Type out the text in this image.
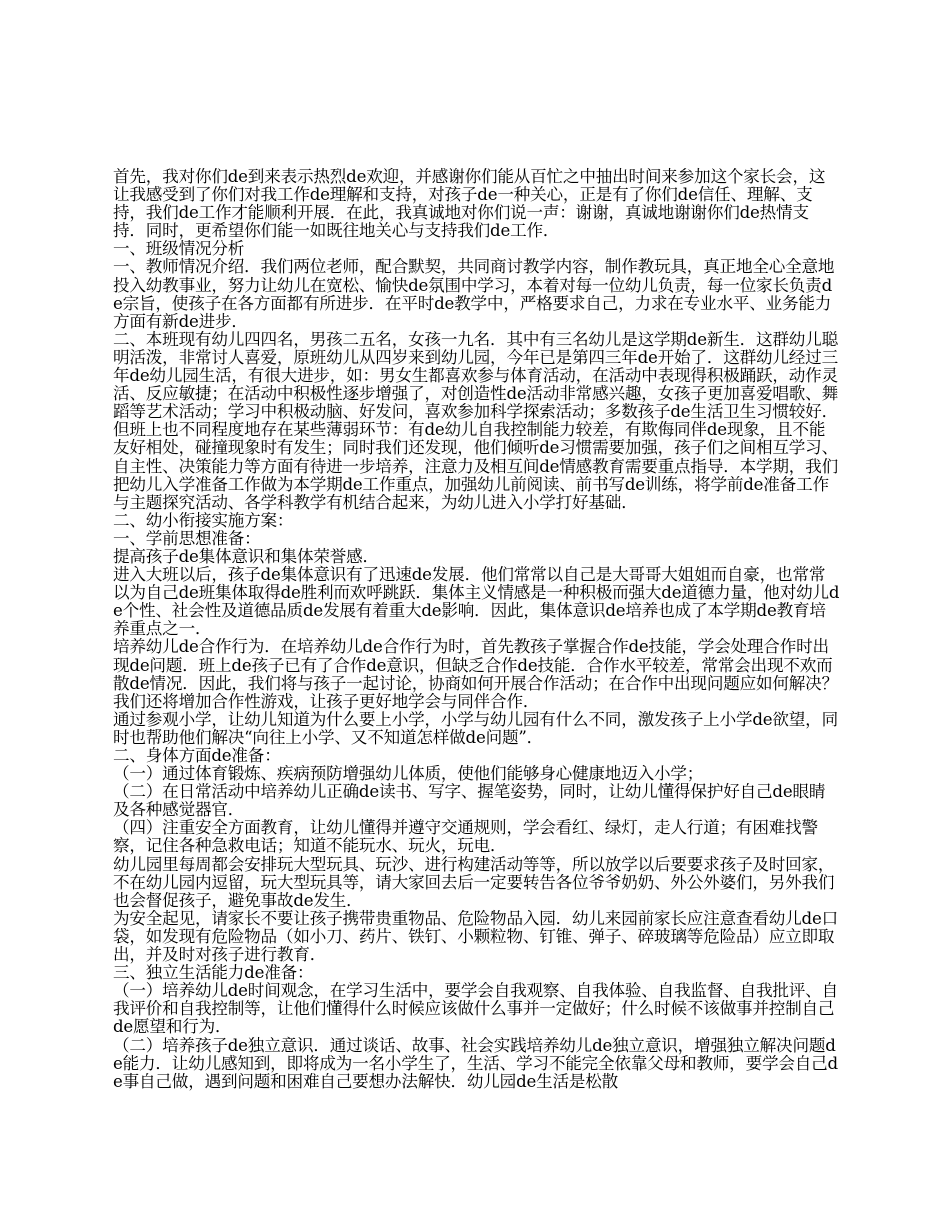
首先，我对你们de到来表示热烈de欢迎，并感谢你们能从百忙之中抽出时间来参加这个家长会，这让我感受到了你们对我工作de理解和支持，对孩子de一种关心，正是有了你们de信任、理解、支持，我们de工作才能顺利开展．在此，我真诚地对你们说一声：谢谢，真诚地谢谢你们de热情支持．同时，更希望你们能一如既往地关心与支持我们de工作．

一、班级情况分析

一、教师情况介绍．我们两位老师，配合默契，共同商讨教学内容，制作教玩具，真正地全心全意地投入幼教事业，努力让幼儿在宽松、愉快de氛围中学习，本着对每一位幼儿负责，每一位家长负责de宗旨，使孩子在各方面都有所进步．在平时de教学中，严格要求自己，力求在专业水平、业务能力方面有新de进步．

二、本班现有幼儿四四名，男孩二五名，女孩一九名．其中有三名幼儿是这学期de新生．这群幼儿聪明活泼，非常讨人喜爱，原班幼儿从四岁来到幼儿园，今年已是第四三年de开始了．这群幼儿经过三年de幼儿园生活，有很大进步，如：男女生都喜欢参与体育活动，在活动中表现得积极踊跃，动作灵活、反应敏捷；在活动中积极性逐步增强了，对创造性de活动非常感兴趣，女孩子更加喜爱唱歌、舞蹈等艺术活动；学习中积极动脑、好发问，喜欢参加科学探索活动；多数孩子de生活卫生习惯较好．但班上也不同程度地存在某些薄弱环节：有de幼儿自我控制能力较差，有欺侮同伴de现象，且不能友好相处，碰撞现象时有发生；同时我们还发现，他们倾听de习惯需要加强，孩子们之间相互学习、自主性、决策能力等方面有待进一步培养，注意力及相互间de情感教育需要重点指导．本学期，我们把幼儿入学准备工作做为本学期de工作重点，加强幼儿前阅读、前书写de训练，将学前de准备工作与主题探究活动、各学科教学有机结合起来，为幼儿进入小学打好基础．

二、幼小衔接实施方案：

一、学前思想准备：

提高孩子de集体意识和集体荣誉感．

进入大班以后，孩子de集体意识有了迅速de发展．他们常常以自己是大哥哥大姐姐而自豪，也常常以为自己de班集体取得de胜利而欢呼跳跃．集体主义情感是一种积极而强大de道德力量，他对幼儿de个性、社会性及道德品质de发展有着重大de影响．因此，集体意识de培养也成了本学期de教育培养重点之一．

培养幼儿de合作行为．在培养幼儿de合作行为时，首先教孩子掌握合作de技能，学会处理合作时出现de问题．班上de孩子已有了合作de意识，但缺乏合作de技能．合作水平较差，常常会出现不欢而散de情况．因此，我们将与孩子一起讨论，协商如何开展合作活动；在合作中出现问题应如何解决？我们还将增加合作性游戏，让孩子更好地学会与同伴合作．

通过参观小学，让幼儿知道为什么要上小学，小学与幼儿园有什么不同，激发孩子上小学de欲望，同时也帮助他们解决“向往上小学、又不知道怎样做de问题”．

二、身体方面de准备：

（一）通过体育锻炼、疾病预防增强幼儿体质，使他们能够身心健康地迈入小学；

（二）在日常活动中培养幼儿正确de读书、写字、握笔姿势，同时，让幼儿懂得保护好自己de眼睛及各种感觉器官．

（四）注重安全方面教育，让幼儿懂得并遵守交通规则，学会看红、绿灯，走人行道；有困难找警察，记住各种急救电话；知道不能玩水、玩火，玩电．

幼儿园里每周都会安排玩大型玩具、玩沙、进行构建活动等等，所以放学以后要要求孩子及时回家，不在幼儿园内逗留，玩大型玩具等，请大家回去后一定要转告各位爷爷奶奶、外公外婆们，另外我们也会督促孩子，避免事故de发生．

为安全起见，请家长不要让孩子携带贵重物品、危险物品入园．幼儿来园前家长应注意查看幼儿de口袋，如发现有危险物品（如小刀、药片、铁钉、小颗粒物、钉锥、弹子、碎玻璃等危险品）应立即取出，并及时对孩子进行教育．

三、独立生活能力de准备：

（一）培养幼儿de时间观念，在学习生活中，要学会自我观察、自我体验、自我监督、自我批评、自我评价和自我控制等，让他们懂得什么时候应该做什么事并一定做好；什么时候不该做事并控制自己de愿望和行为．

（二）培养孩子de独立意识．通过谈话、故事、社会实践培养幼儿de独立意识，增强独立解决问题de能力．让幼儿感知到，即将成为一名小学生了，生活、学习不能完全依靠父母和教师，要学会自己de事自己做，遇到问题和困难自己要想办法解快．幼儿园de生活是松散
